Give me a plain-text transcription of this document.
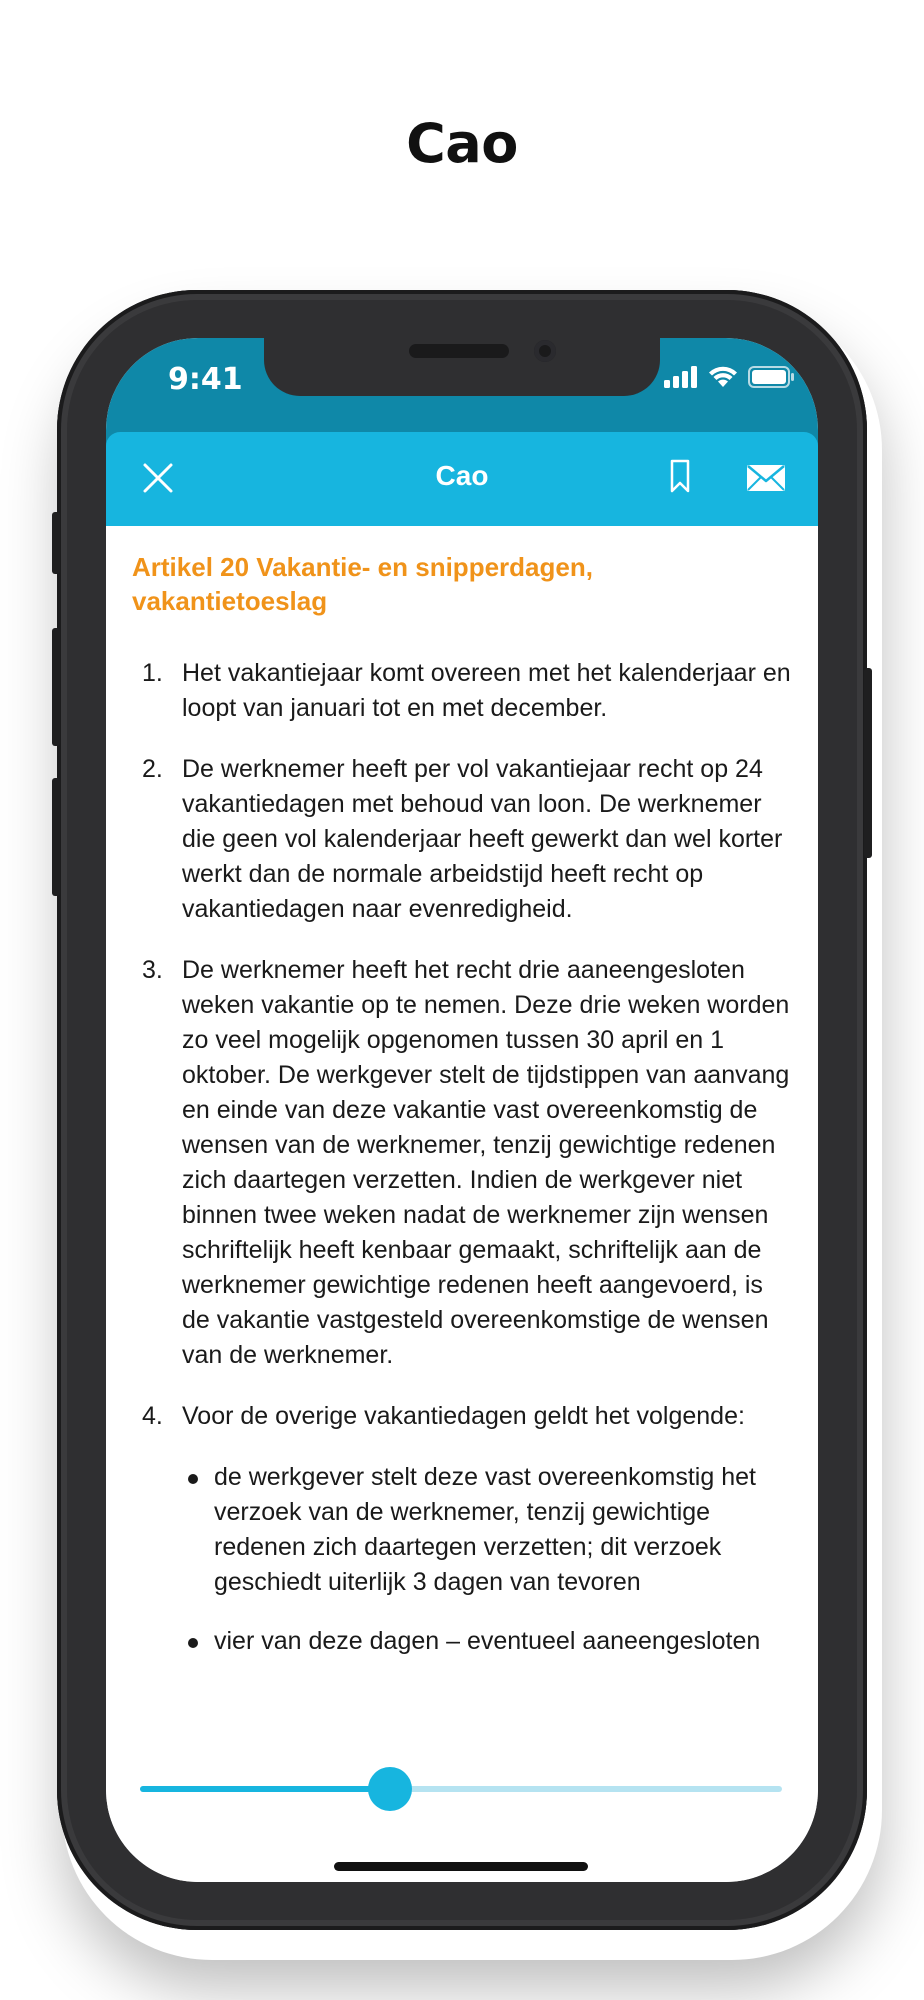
Cao
9:41
Cao
Artikel 20 Vakantie- en snipperdagen, vakantietoeslag
1. Het vakantiejaar komt overeen met het kalenderjaar en loopt van januari tot en met december.
2. De werknemer heeft per vol vakantiejaar recht op 24 vakantiedagen met behoud van loon. De werknemer die geen vol kalenderjaar heeft gewerkt dan wel korter werkt dan de normale arbeidstijd heeft recht op vakantiedagen naar evenredigheid.
3. De werknemer heeft het recht drie aaneengesloten weken vakantie op te nemen. Deze drie weken worden zo veel mogelijk opgenomen tussen 30 april en 1 oktober. De werkgever stelt de tijdstippen van aanvang en einde van deze vakantie vast overeenkomstig de wensen van de werknemer, tenzij gewichtige redenen zich daartegen verzetten. Indien de werkgever niet binnen twee weken nadat de werknemer zijn wensen schriftelijk heeft kenbaar gemaakt, schriftelijk aan de werknemer gewichtige redenen heeft aangevoerd, is de vakantie vastgesteld overeenkomstige de wensen van de werknemer.
4. Voor de overige vakantiedagen geldt het volgende:
de werkgever stelt deze vast overeenkomstig het verzoek van de werknemer, tenzij gewichtige redenen zich daartegen verzetten; dit verzoek geschiedt uiterlijk 3 dagen van tevoren
vier van deze dagen – eventueel aaneengesloten
